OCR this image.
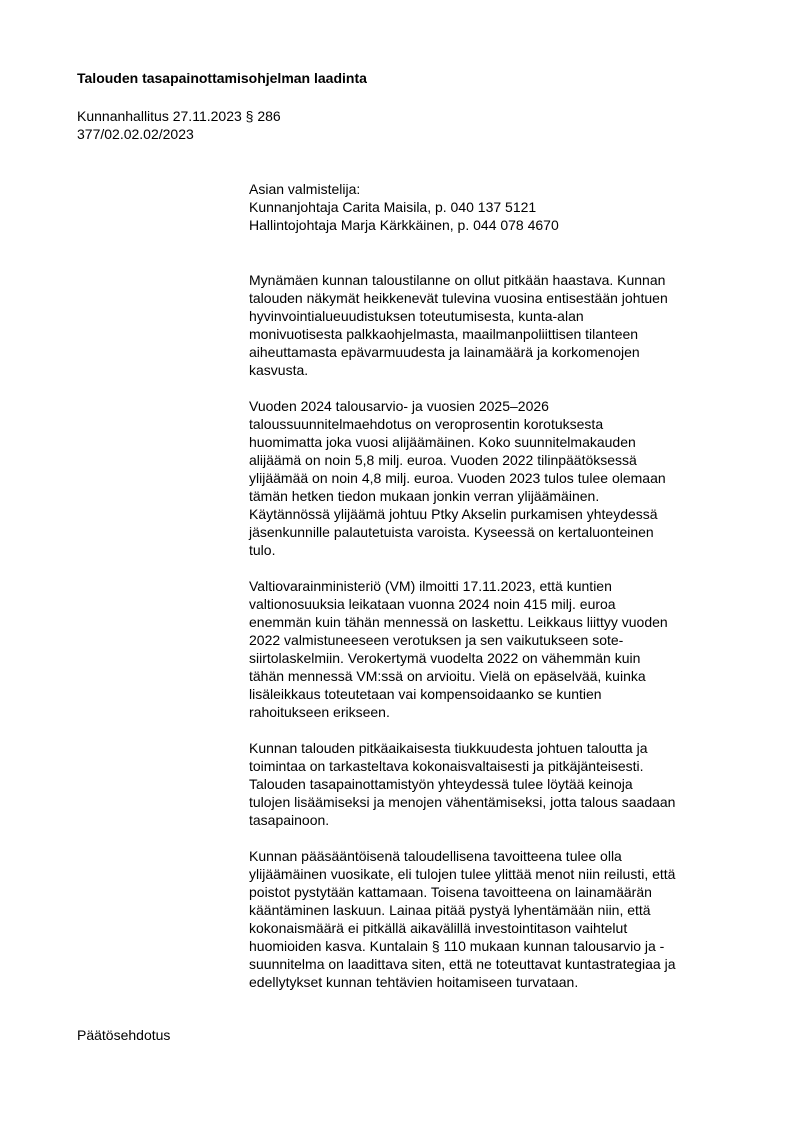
Talouden tasapainottamisohjelman laadinta
Kunnanhallitus 27.11.2023 § 286
377/02.02.02/2023
Asian valmistelija:
Kunnanjohtaja Carita Maisila, p. 040 137 5121
Hallintojohtaja Marja Kärkkäinen, p. 044 078 4670
Mynämäen kunnan taloustilanne on ollut pitkään haastava. Kunnan
talouden näkymät heikkenevät tulevina vuosina entisestään johtuen
hyvinvointialueuudistuksen toteutumisesta, kunta-alan
monivuotisesta palkkaohjelmasta, maailmanpoliittisen tilanteen
aiheuttamasta epävarmuudesta ja lainamäärä ja korkomenojen
kasvusta.
Vuoden 2024 talousarvio- ja vuosien 2025–2026
taloussuunnitelmaehdotus on veroprosentin korotuksesta
huomimatta joka vuosi alijäämäinen. Koko suunnitelmakauden
alijäämä on noin 5,8 milj. euroa. Vuoden 2022 tilinpäätöksessä
ylijäämää on noin 4,8 milj. euroa. Vuoden 2023 tulos tulee olemaan
tämän hetken tiedon mukaan jonkin verran ylijäämäinen.
Käytännössä ylijäämä johtuu Ptky Akselin purkamisen yhteydessä
jäsenkunnille palautetuista varoista. Kyseessä on kertaluonteinen
tulo.
Valtiovarainministeriö (VM) ilmoitti 17.11.2023, että kuntien
valtionosuuksia leikataan vuonna 2024 noin 415 milj. euroa
enemmän kuin tähän mennessä on laskettu. Leikkaus liittyy vuoden
2022 valmistuneeseen verotuksen ja sen vaikutukseen sote-
siirtolaskelmiin. Verokertymä vuodelta 2022 on vähemmän kuin
tähän mennessä VM:ssä on arvioitu. Vielä on epäselvää, kuinka
lisäleikkaus toteutetaan vai kompensoidaanko se kuntien
rahoitukseen erikseen.
Kunnan talouden pitkäaikaisesta tiukkuudesta johtuen taloutta ja
toimintaa on tarkasteltava kokonaisvaltaisesti ja pitkäjänteisesti.
Talouden tasapainottamistyön yhteydessä tulee löytää keinoja
tulojen lisäämiseksi ja menojen vähentämiseksi, jotta talous saadaan
tasapainoon.
Kunnan pääsääntöisenä taloudellisena tavoitteena tulee olla
ylijäämäinen vuosikate, eli tulojen tulee ylittää menot niin reilusti, että
poistot pystytään kattamaan. Toisena tavoitteena on lainamäärän
kääntäminen laskuun. Lainaa pitää pystyä lyhentämään niin, että
kokonaismäärä ei pitkällä aikavälillä investointitason vaihtelut
huomioiden kasva. Kuntalain § 110 mukaan kunnan talousarvio ja -
suunnitelma on laadittava siten, että ne toteuttavat kuntastrategiaa ja
edellytykset kunnan tehtävien hoitamiseen turvataan.
Päätösehdotus
